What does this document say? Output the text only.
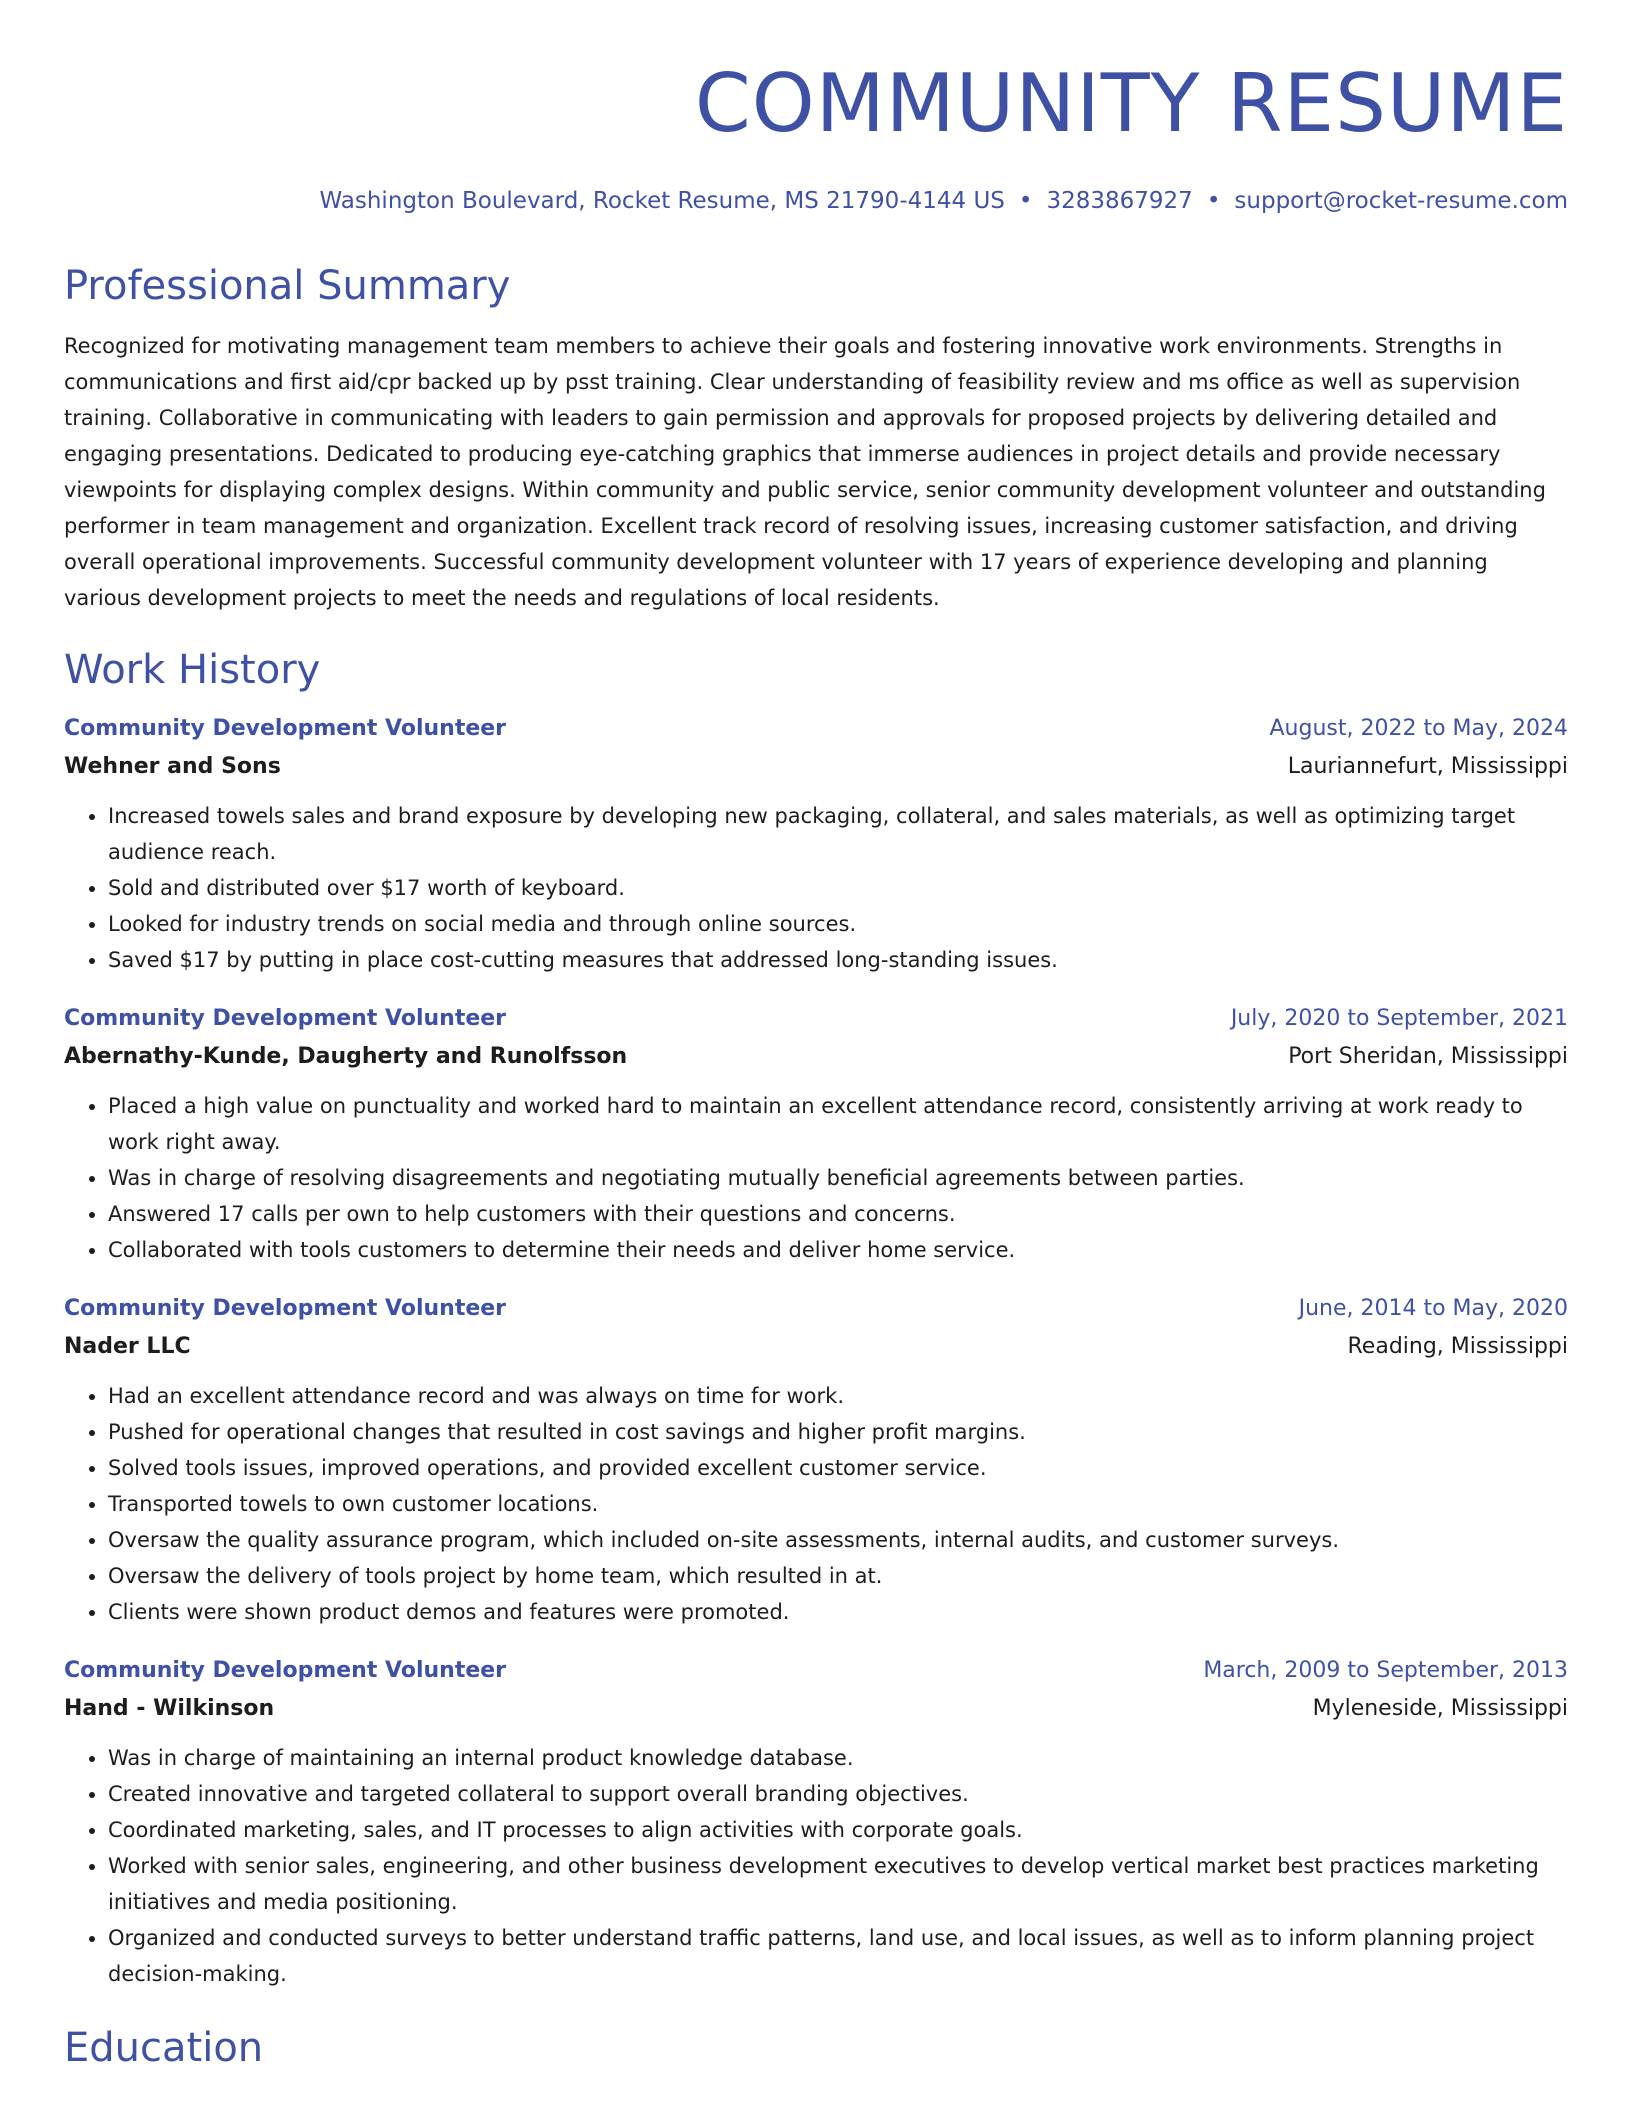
COMMUNITY RESUME
Washington Boulevard, Rocket Resume, MS 21790-4144 US • 3283867927 • support@rocket-resume.com
Professional Summary
Recognized for motivating management team members to achieve their goals and fostering innovative work environments. Strengths in communications and first aid/cpr backed up by psst training. Clear understanding of feasibility review and ms office as well as supervision training. Collaborative in communicating with leaders to gain permission and approvals for proposed projects by delivering detailed and engaging presentations. Dedicated to producing eye-catching graphics that immerse audiences in project details and provide necessary viewpoints for displaying complex designs. Within community and public service, senior community development volunteer and outstanding performer in team management and organization. Excellent track record of resolving issues, increasing customer satisfaction, and driving overall operational improvements. Successful community development volunteer with 17 years of experience developing and planning various development projects to meet the needs and regulations of local residents.
Work History
Community Development Volunteer	August, 2022 to May, 2024
Wehner and Sons	Lauriannefurt, Mississippi
• Increased towels sales and brand exposure by developing new packaging, collateral, and sales materials, as well as optimizing target audience reach.
• Sold and distributed over $17 worth of keyboard.
• Looked for industry trends on social media and through online sources.
• Saved $17 by putting in place cost-cutting measures that addressed long-standing issues.
Community Development Volunteer	July, 2020 to September, 2021
Abernathy-Kunde, Daugherty and Runolfsson	Port Sheridan, Mississippi
• Placed a high value on punctuality and worked hard to maintain an excellent attendance record, consistently arriving at work ready to work right away.
• Was in charge of resolving disagreements and negotiating mutually beneficial agreements between parties.
• Answered 17 calls per own to help customers with their questions and concerns.
• Collaborated with tools customers to determine their needs and deliver home service.
Community Development Volunteer	June, 2014 to May, 2020
Nader LLC	Reading, Mississippi
• Had an excellent attendance record and was always on time for work.
• Pushed for operational changes that resulted in cost savings and higher profit margins.
• Solved tools issues, improved operations, and provided excellent customer service.
• Transported towels to own customer locations.
• Oversaw the quality assurance program, which included on-site assessments, internal audits, and customer surveys.
• Oversaw the delivery of tools project by home team, which resulted in at.
• Clients were shown product demos and features were promoted.
Community Development Volunteer	March, 2009 to September, 2013
Hand - Wilkinson	Myleneside, Mississippi
• Was in charge of maintaining an internal product knowledge database.
• Created innovative and targeted collateral to support overall branding objectives.
• Coordinated marketing, sales, and IT processes to align activities with corporate goals.
• Worked with senior sales, engineering, and other business development executives to develop vertical market best practices marketing initiatives and media positioning.
• Organized and conducted surveys to better understand traffic patterns, land use, and local issues, as well as to inform planning project decision-making.
Education
